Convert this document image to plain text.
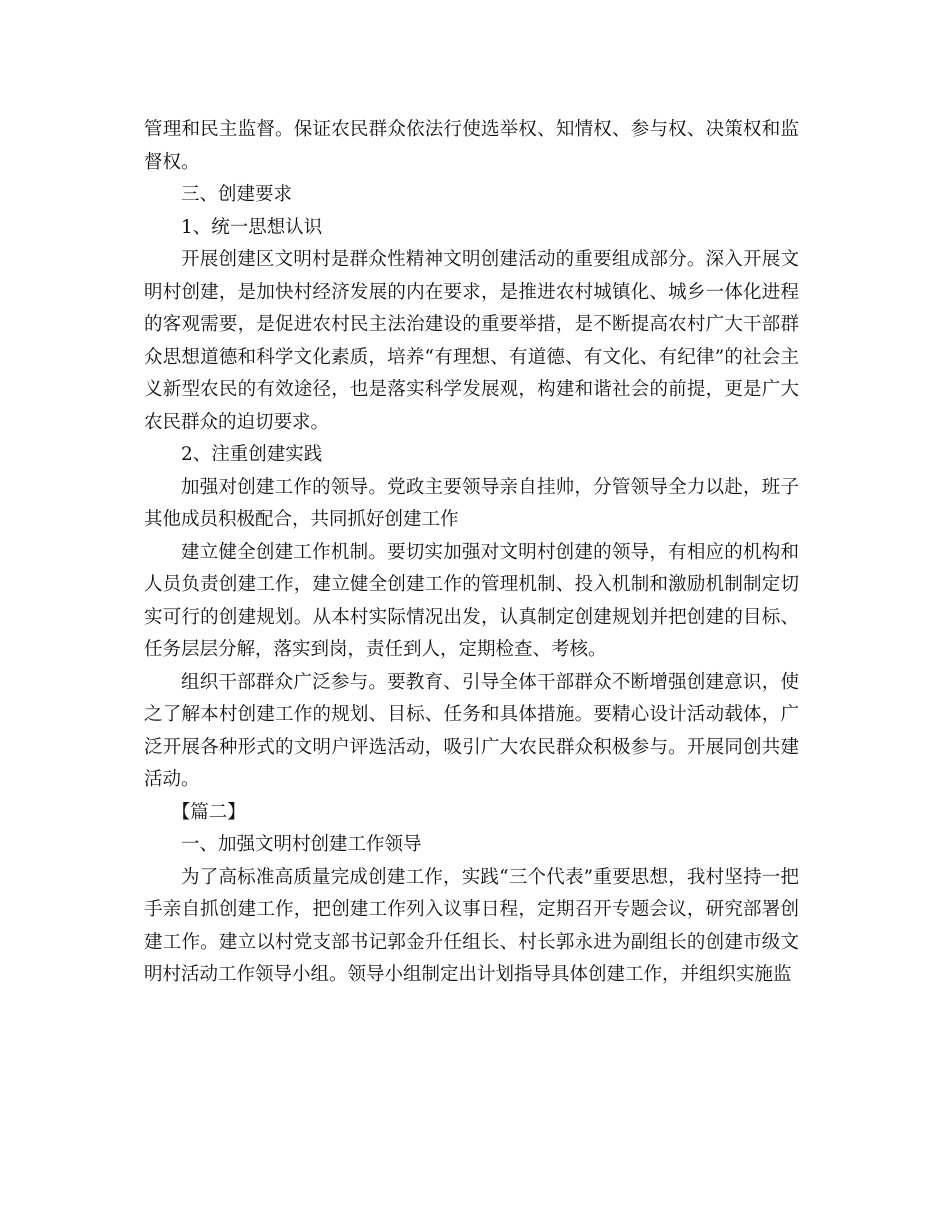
管理和民主监督。保证农民群众依法行使选举权、知情权、参与权、决策权和监督权。

三、创建要求

1、统一思想认识

开展创建区文明村是群众性精神文明创建活动的重要组成部分。深入开展文明村创建，是加快村经济发展的内在要求，是推进农村城镇化、城乡一体化进程的客观需要，是促进农村民主法治建设的重要举措，是不断提高农村广大干部群众思想道德和科学文化素质，培养“有理想、有道德、有文化、有纪律”的社会主义新型农民的有效途径，也是落实科学发展观，构建和谐社会的前提，更是广大农民群众的迫切要求。

2、注重创建实践

加强对创建工作的领导。党政主要领导亲自挂帅，分管领导全力以赴，班子其他成员积极配合，共同抓好创建工作

建立健全创建工作机制。要切实加强对文明村创建的领导，有相应的机构和人员负责创建工作，建立健全创建工作的管理机制、投入机制和激励机制制定切实可行的创建规划。从本村实际情况出发，认真制定创建规划并把创建的目标、任务层层分解，落实到岗，责任到人，定期检查、考核。

组织干部群众广泛参与。要教育、引导全体干部群众不断增强创建意识，使之了解本村创建工作的规划、目标、任务和具体措施。要精心设计活动载体，广泛开展各种形式的文明户评选活动，吸引广大农民群众积极参与。开展同创共建活动。

【篇二】

一、加强文明村创建工作领导

为了高标准高质量完成创建工作，实践“三个代表”重要思想，我村坚持一把手亲自抓创建工作，把创建工作列入议事日程，定期召开专题会议，研究部署创建工作。建立以村党支部书记郭金升任组长、村长郭永进为副组长的创建市级文明村活动工作领导小组。领导小组制定出计划指导具体创建工作，并组织实施监
